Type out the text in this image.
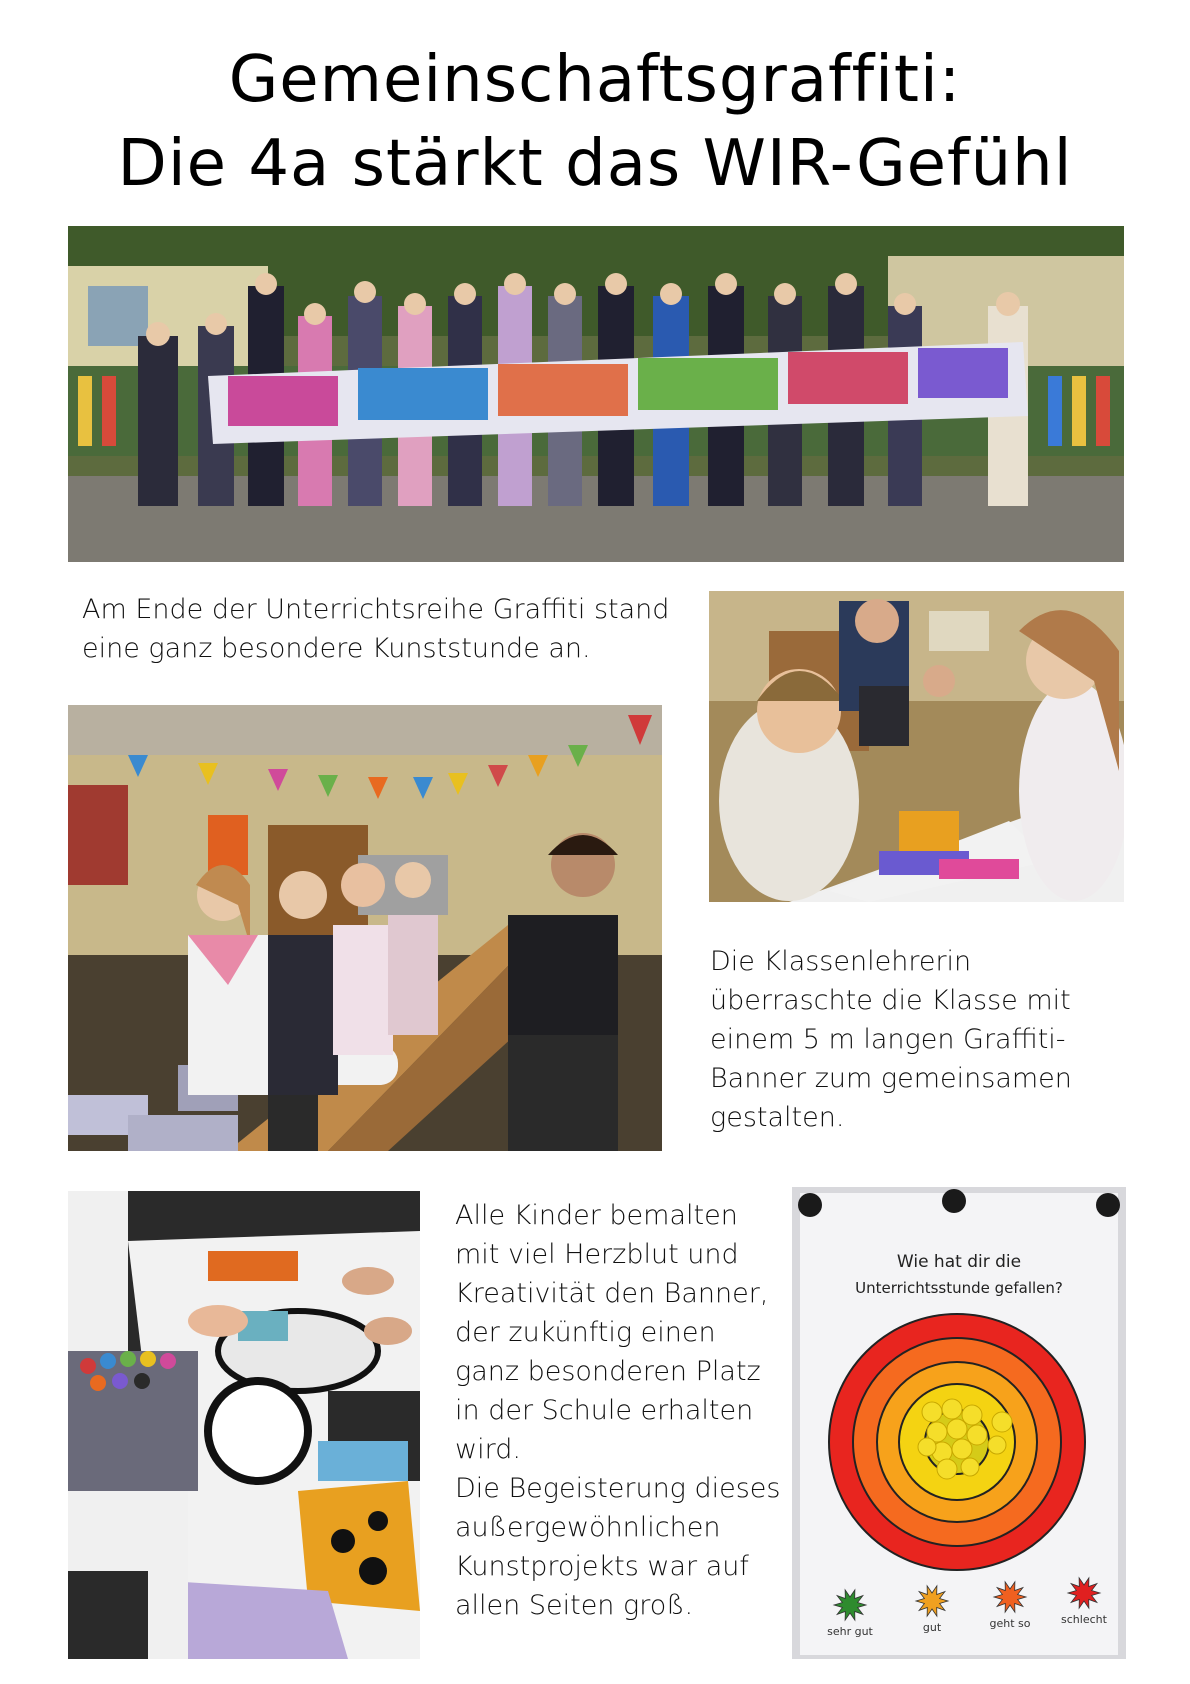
Gemeinschaftsgraffiti:
Die 4a stärkt das WIR-Gefühl

Am Ende der Unterrichtsreihe Graffiti stand

eine ganz besondere Kunststunde an.

Die Klassenlehrerin

überraschte die Klasse mit

einem 5 m langen Graffiti-

Banner zum gemeinsamen

gestalten.

Alle Kinder bemalten

mit viel Herzblut und

Kreativität den Banner,

der zukünftig einen

ganz besonderen Platz

in der Schule erhalten

wird.

Die Begeisterung dieses

außergewöhnlichen

Kunstprojekts war auf

allen Seiten groß.

Wie hat dir die
Unterrichtsstunde gefallen?
sehr gut	gut	geht so	schlecht
